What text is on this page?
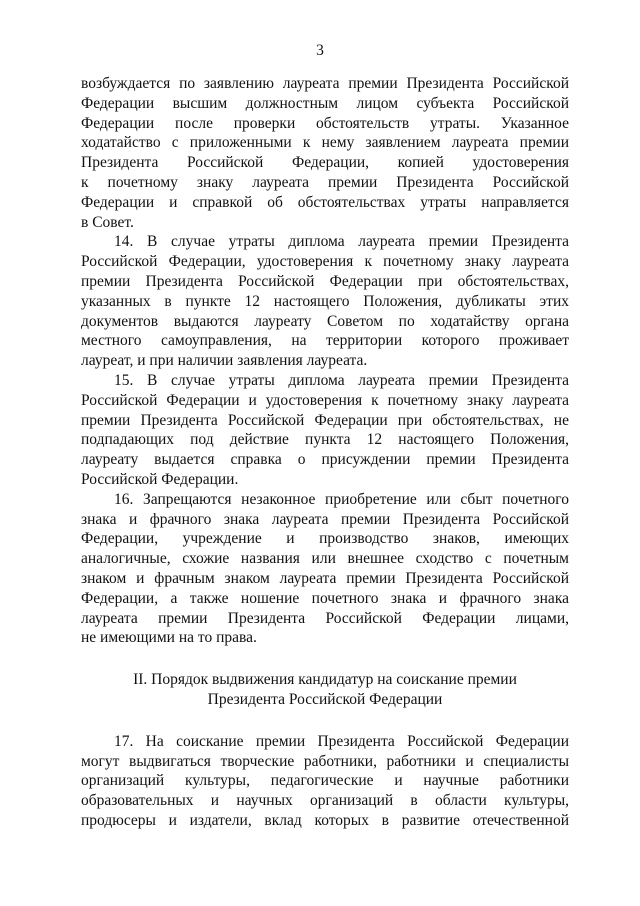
3
возбуждается по заявлению лауреата премии Президента Российской
Федерации высшим должностным лицом субъекта Российской
Федерации после проверки обстоятельств утраты. Указанное
ходатайство с приложенными к нему заявлением лауреата премии
Президента Российской Федерации, копией удостоверения
к почетному знаку лауреата премии Президента Российской
Федерации и справкой об обстоятельствах утраты направляется
в Совет.
14. В случае утраты диплома лауреата премии Президента
Российской Федерации, удостоверения к почетному знаку лауреата
премии Президента Российской Федерации при обстоятельствах,
указанных в пункте 12 настоящего Положения, дубликаты этих
документов выдаются лауреату Советом по ходатайству органа
местного самоуправления, на территории которого проживает
лауреат, и при наличии заявления лауреата.
15. В случае утраты диплома лауреата премии Президента
Российской Федерации и удостоверения к почетному знаку лауреата
премии Президента Российской Федерации при обстоятельствах, не
подпадающих под действие пункта 12 настоящего Положения,
лауреату выдается справка о присуждении премии Президента
Российской Федерации.
16. Запрещаются незаконное приобретение или сбыт почетного
знака и фрачного знака лауреата премии Президента Российской
Федерации, учреждение и производство знаков, имеющих
аналогичные, схожие названия или внешнее сходство с почетным
знаком и фрачным знаком лауреата премии Президента Российской
Федерации, а также ношение почетного знака и фрачного знака
лауреата премии Президента Российской Федерации лицами,
не имеющими на то права.
II. Порядок выдвижения кандидатур на соискание премии
Президента Российской Федерации
17. На соискание премии Президента Российской Федерации
могут выдвигаться творческие работники, работники и специалисты
организаций культуры, педагогические и научные работники
образовательных и научных организаций в области культуры,
продюсеры и издатели, вклад которых в развитие отечественной
